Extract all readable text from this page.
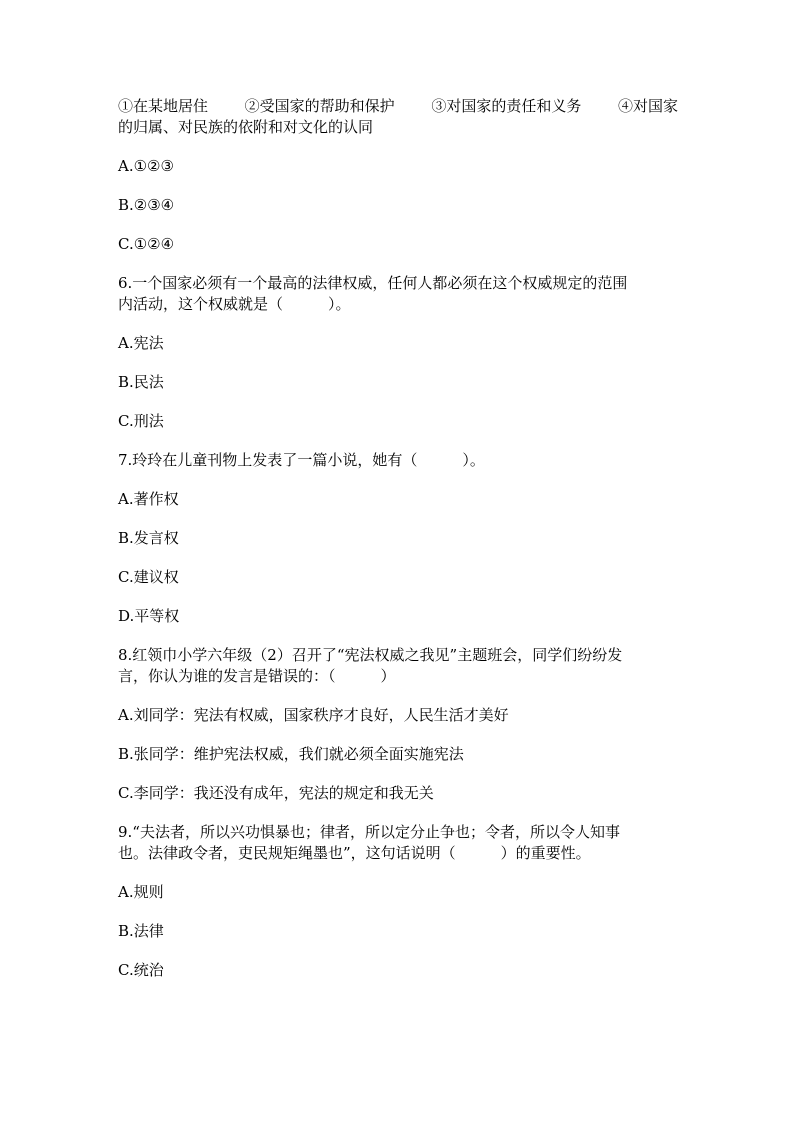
①在某地居住 ②受国家的帮助和保护 ③对国家的责任和义务 ④对国家

的归属、对民族的依附和对文化的认同

A.①②③

B.②③④

C.①②④

6.一个国家必须有一个最高的法律权威，任何人都必须在这个权威规定的范围

内活动，这个权威就是（　　　）。

A.宪法

B.民法

C.刑法

7.玲玲在儿童刊物上发表了一篇小说，她有（　　　）。

A.著作权

B.发言权

C.建议权

D.平等权

8.红领巾小学六年级（2）召开了“宪法权威之我见”主题班会，同学们纷纷发

言，你认为谁的发言是错误的：（　　　）

A.刘同学：宪法有权威，国家秩序才良好，人民生活才美好

B.张同学：维护宪法权威，我们就必须全面实施宪法

C.李同学：我还没有成年，宪法的规定和我无关

9.“夫法者，所以兴功惧暴也；律者，所以定分止争也；令者，所以令人知事

也。法律政令者，吏民规矩绳墨也”，这句话说明（　　　）的重要性。

A.规则

B.法律

C.统治
